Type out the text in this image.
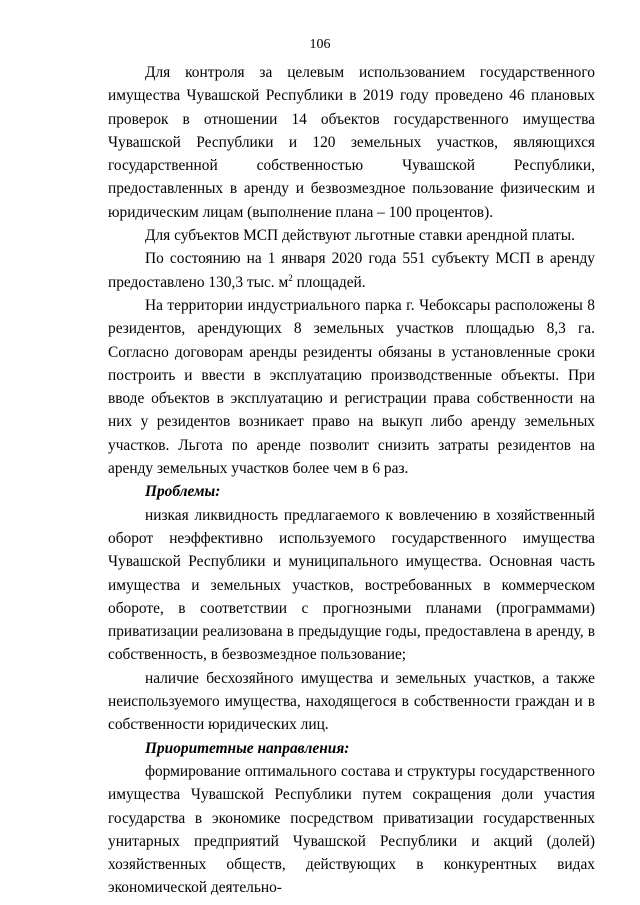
106

Для контроля за целевым использованием государственного имущества Чувашской Республики в 2019 году проведено 46 плановых проверок в отношении 14 объектов государственного имущества Чувашской Республики и 120 земельных участков, являющихся государственной собственностью Чувашской Республики, предоставленных в аренду и безвозмездное пользование физическим и юридическим лицам (выполнение плана – 100 процентов).

Для субъектов МСП действуют льготные ставки арендной платы.

По состоянию на 1 января 2020 года 551 субъекту МСП в аренду предоставлено 130,3 тыс. $м^2$ площадей.

На территории индустриального парка г. Чебоксары расположены 8 резидентов, арендующих 8 земельных участков площадью 8,3 га. Согласно договорам аренды резиденты обязаны в установленные сроки построить и ввести в эксплуатацию производственные объекты. При вводе объектов в эксплуатацию и регистрации права собственности на них у резидентов возникает право на выкуп либо аренду земельных участков. Льгота по аренде позволит снизить затраты резидентов на аренду земельных участков более чем в 6 раз.

Проблемы:

низкая ликвидность предлагаемого к вовлечению в хозяйственный оборот неэффективно используемого государственного имущества Чувашской Республики и муниципального имущества. Основная часть имущества и земельных участков, востребованных в коммерческом обороте, в соответствии с прогнозными планами (программами) приватизации реализована в предыдущие годы, предоставлена в аренду, в собственность, в безвозмездное пользование;

наличие бесхозяйного имущества и земельных участков, а также неиспользуемого имущества, находящегося в собственности граждан и в собственности юридических лиц.

Приоритетные направления:

формирование оптимального состава и структуры государственного имущества Чувашской Республики путем сокращения доли участия государства в экономике посредством приватизации государственных унитарных предприятий Чувашской Республики и акций (долей) хозяйственных обществ, действующих в конкурентных видах экономической деятельно-
